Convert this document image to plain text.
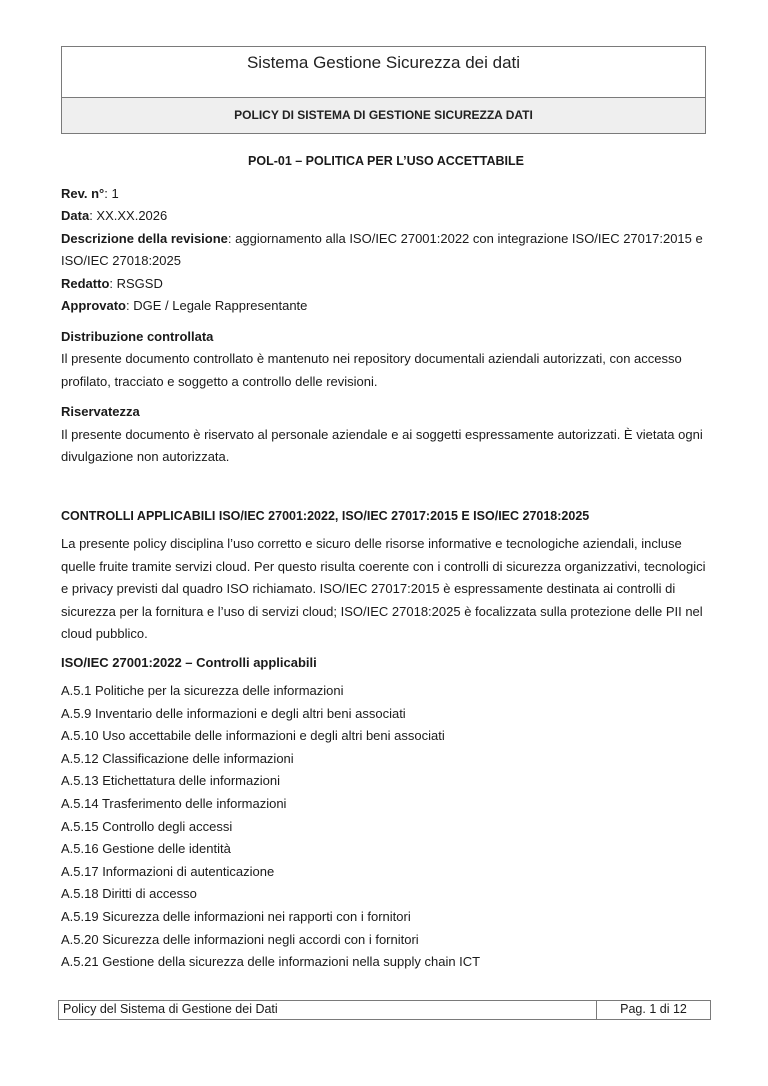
Sistema Gestione Sicurezza dei dati
POLICY DI SISTEMA DI GESTIONE SICUREZZA DATI

POL-01 – POLITICA PER L’USO ACCETTABILE

Rev. n°: 1

Data: XX.XX.2026

Descrizione della revisione: aggiornamento alla ISO/IEC 27001:2022 con integrazione ISO/IEC 27017:2015 e ISO/IEC 27018:2025

Redatto: RSGSD

Approvato: DGE / Legale Rappresentante

Distribuzione controllata

Il presente documento controllato è mantenuto nei repository documentali aziendali autorizzati, con accesso profilato, tracciato e soggetto a controllo delle revisioni.

Riservatezza

Il presente documento è riservato al personale aziendale e ai soggetti espressamente autorizzati. È vietata ogni divulgazione non autorizzata.

CONTROLLI APPLICABILI ISO/IEC 27001:2022, ISO/IEC 27017:2015 E ISO/IEC 27018:2025

La presente policy disciplina l’uso corretto e sicuro delle risorse informative e tecnologiche aziendali, incluse quelle fruite tramite servizi cloud. Per questo risulta coerente con i controlli di sicurezza organizzativi, tecnologici e privacy previsti dal quadro ISO richiamato. ISO/IEC 27017:2015 è espressamente destinata ai controlli di sicurezza per la fornitura e l’uso di servizi cloud; ISO/IEC 27018:2025 è focalizzata sulla protezione delle PII nel cloud pubblico.

ISO/IEC 27001:2022 – Controlli applicabili

A.5.1 Politiche per la sicurezza delle informazioni
A.5.9 Inventario delle informazioni e degli altri beni associati
A.5.10 Uso accettabile delle informazioni e degli altri beni associati
A.5.12 Classificazione delle informazioni
A.5.13 Etichettatura delle informazioni
A.5.14 Trasferimento delle informazioni
A.5.15 Controllo degli accessi
A.5.16 Gestione delle identità
A.5.17 Informazioni di autenticazione
A.5.18 Diritti di accesso
A.5.19 Sicurezza delle informazioni nei rapporti con i fornitori
A.5.20 Sicurezza delle informazioni negli accordi con i fornitori
A.5.21 Gestione della sicurezza delle informazioni nella supply chain ICT
Policy del Sistema di Gestione dei Dati	Pag. 1 di 12
